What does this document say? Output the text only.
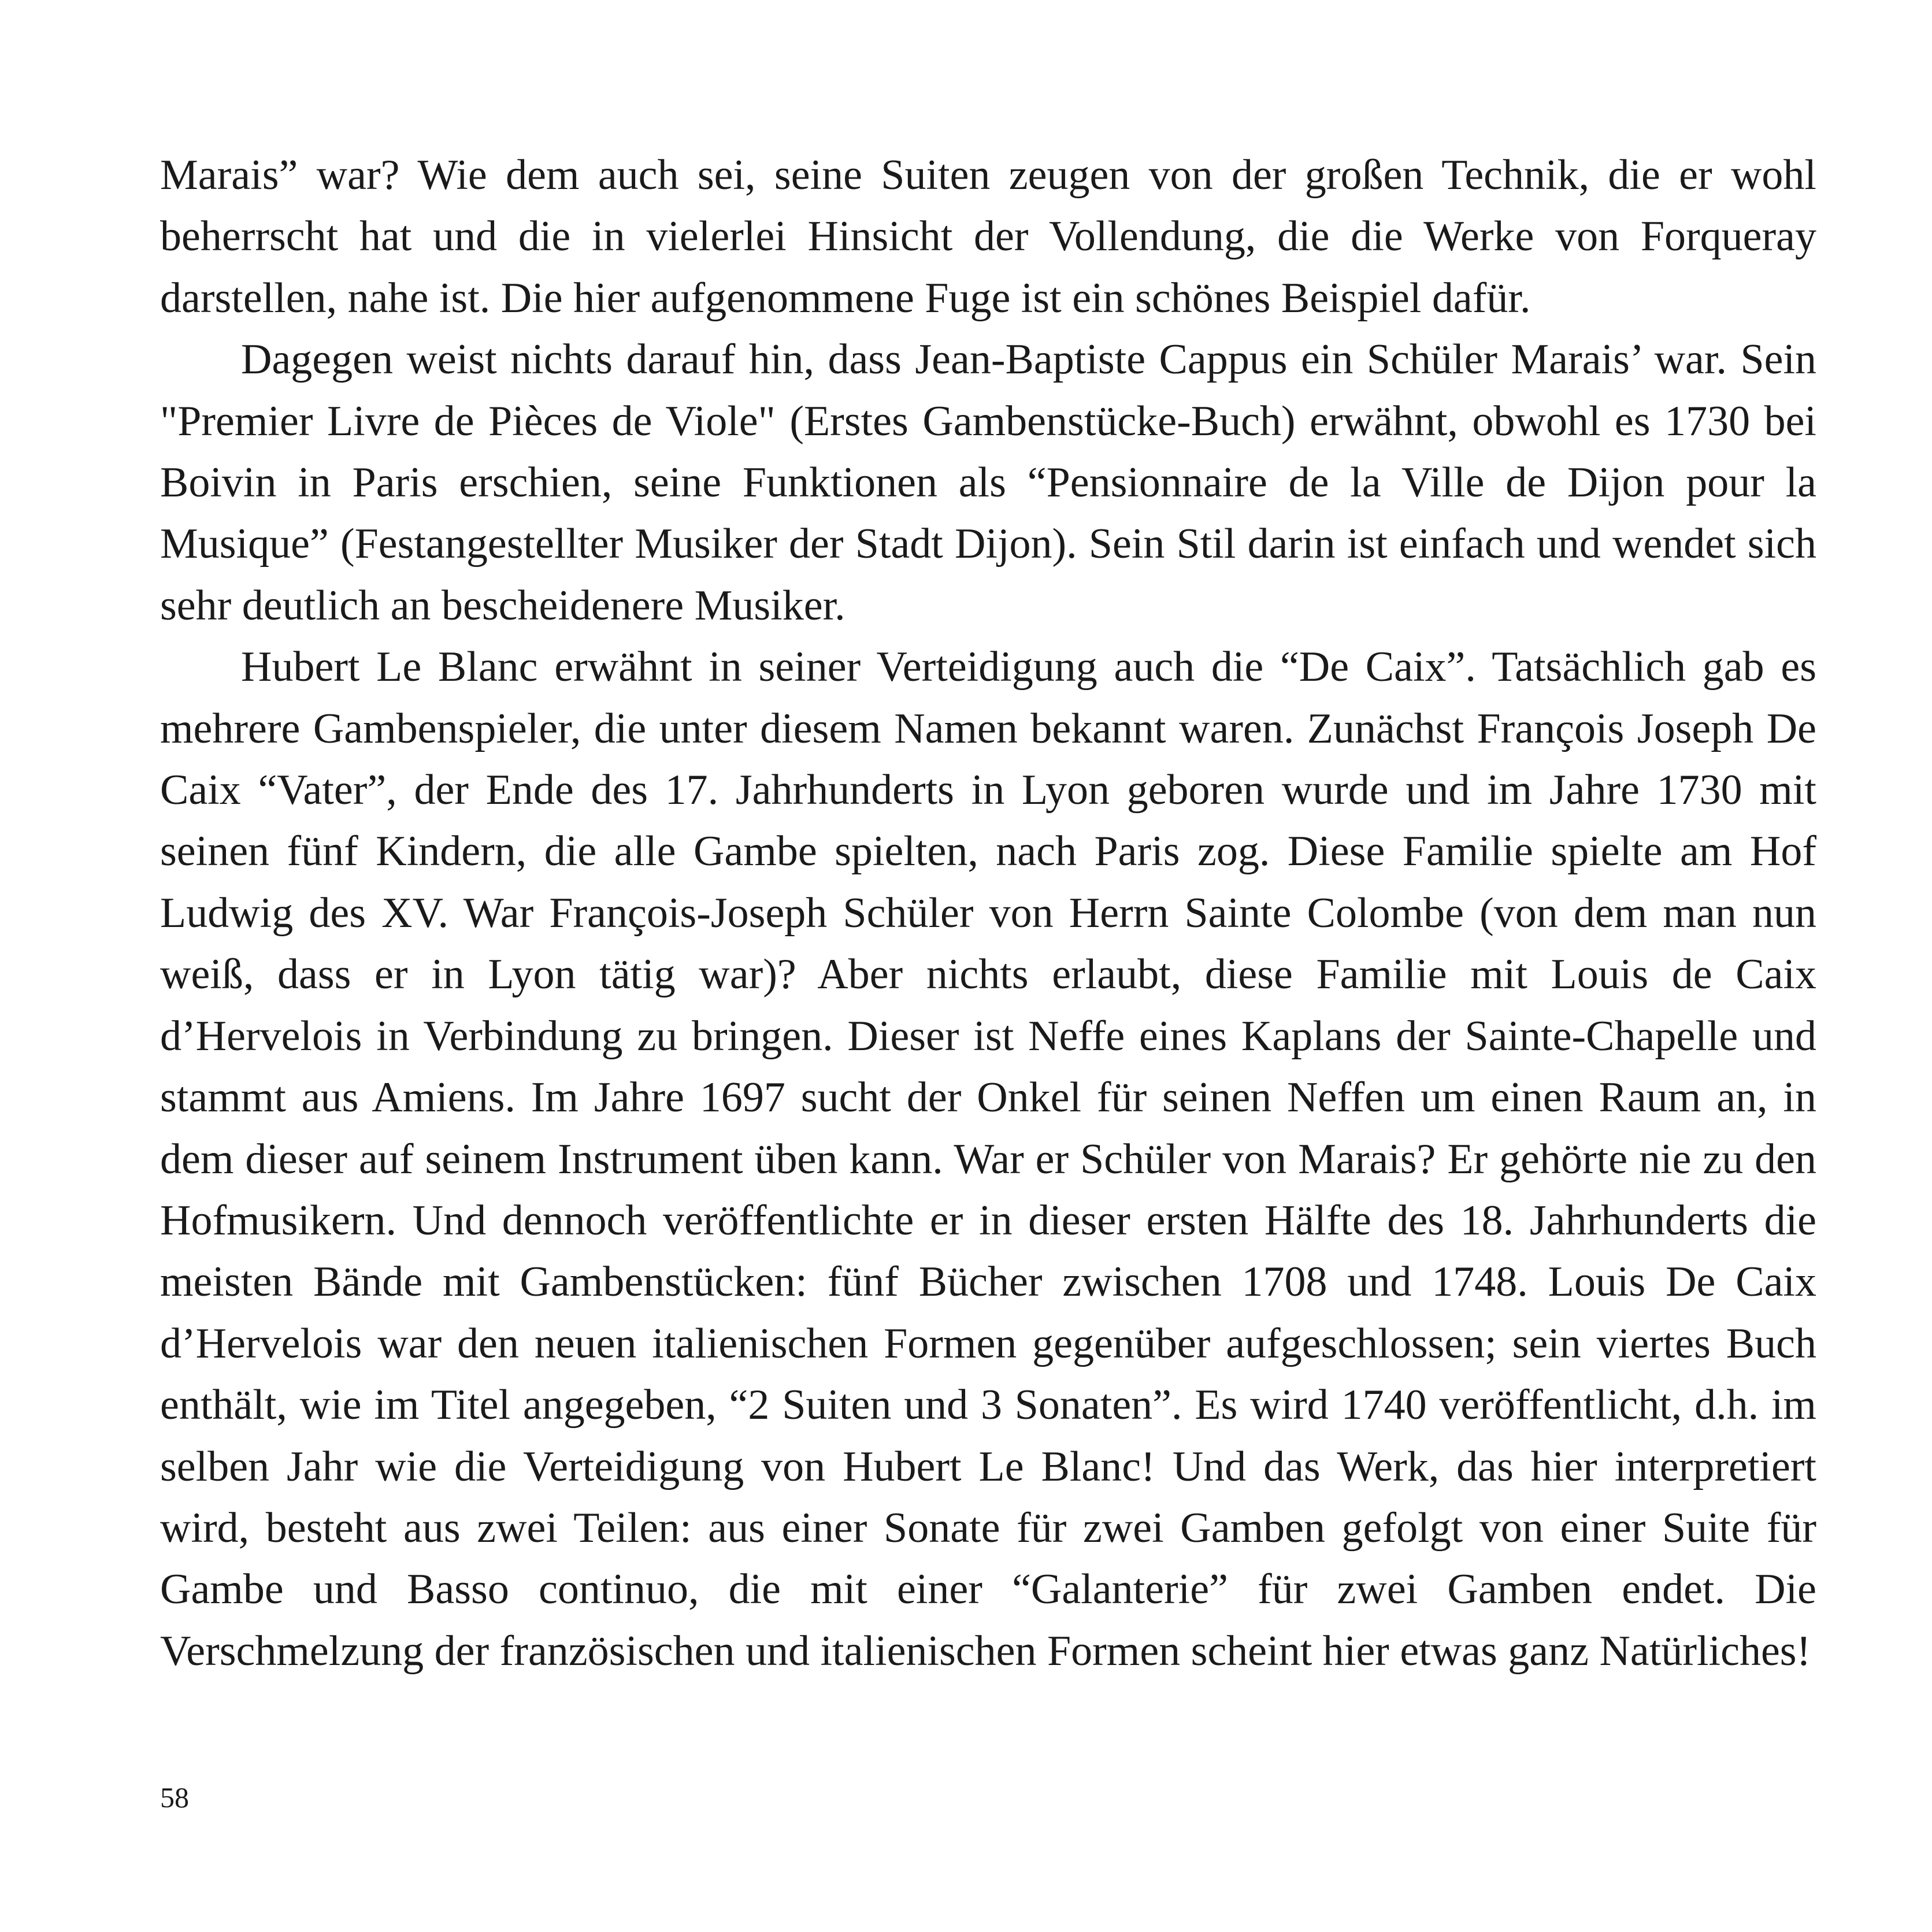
Marais” war? Wie dem auch sei, seine Suiten zeugen von der großen Technik, die er wohl beherrscht hat und die in vielerlei Hinsicht der Vollendung, die die Werke von Forqueray darstellen, nahe ist. Die hier aufgenommene Fuge ist ein schönes Beispiel dafür.

Dagegen weist nichts darauf hin, dass Jean-Baptiste Cappus ein Schüler Marais’ war. Sein "Premier Livre de Pièces de Viole" (Erstes Gambenstücke-Buch) erwähnt, obwohl es 1730 bei Boivin in Paris erschien, seine Funktionen als “Pensionnaire de la Ville de Dijon pour la Musique” (Festangestellter Musiker der Stadt Dijon). Sein Stil darin ist einfach und wendet sich sehr deutlich an bescheidenere Musiker.

Hubert Le Blanc erwähnt in seiner Verteidigung auch die “De Caix”. Tatsächlich gab es mehrere Gambenspieler, die unter diesem Namen bekannt waren. Zunächst François Joseph De Caix “Vater”, der Ende des 17. Jahrhunderts in Lyon geboren wurde und im Jahre 1730 mit seinen fünf Kindern, die alle Gambe spielten, nach Paris zog. Diese Familie spielte am Hof Ludwig des XV. War François-Joseph Schüler von Herrn Sainte Colombe (von dem man nun weiß, dass er in Lyon tätig war)? Aber nichts erlaubt, diese Familie mit Louis de Caix d’Hervelois in Verbindung zu bringen. Dieser ist Neffe eines Kaplans der Sainte-Chapelle und stammt aus Amiens. Im Jahre 1697 sucht der Onkel für seinen Neffen um einen Raum an, in dem dieser auf seinem Instrument üben kann. War er Schüler von Marais? Er gehörte nie zu den Hofmusikern. Und dennoch veröffentlichte er in dieser ersten Hälfte des 18. Jahrhunderts die meisten Bände mit Gambenstücken: fünf Bücher zwischen 1708 und 1748. Louis De Caix d’Hervelois war den neuen italienischen Formen gegenüber aufgeschlossen; sein viertes Buch enthält, wie im Titel angegeben, “2 Suiten und 3 Sonaten”. Es wird 1740 veröffentlicht, d.h. im selben Jahr wie die Verteidigung von Hubert Le Blanc! Und das Werk, das hier interpretiert wird, besteht aus zwei Teilen: aus einer Sonate für zwei Gamben gefolgt von einer Suite für Gambe und Basso continuo, die mit einer “Galanterie” für zwei Gamben endet. Die Verschmelzung der französischen und italienischen Formen scheint hier etwas ganz Natürliches!

58
